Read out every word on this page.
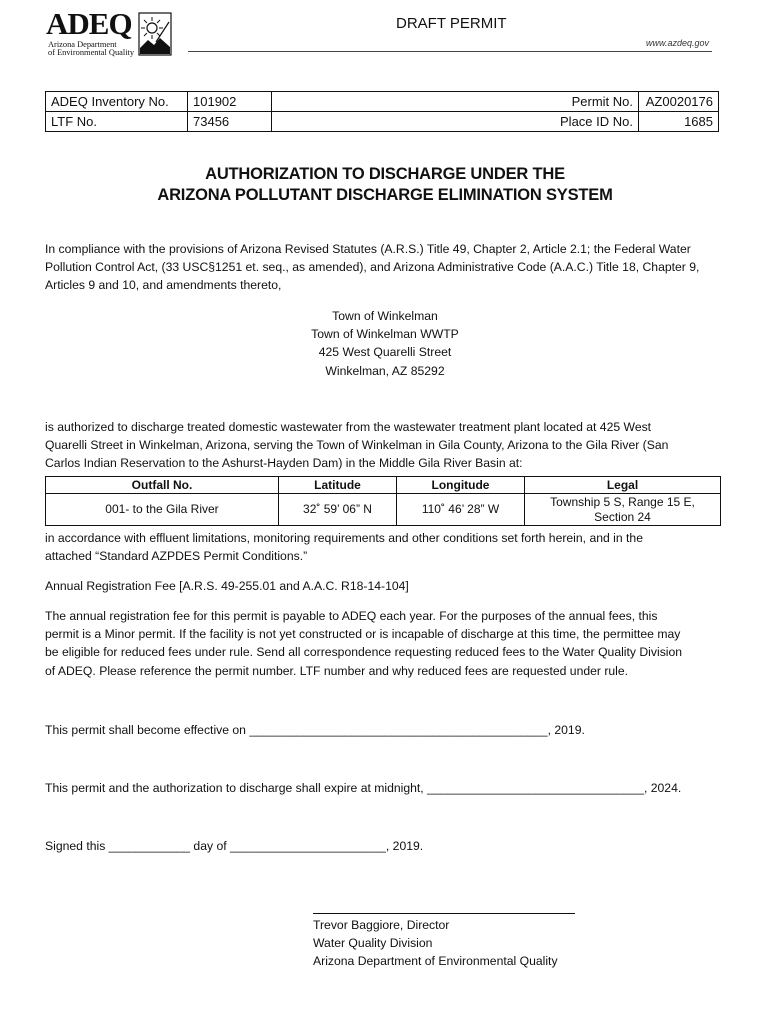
ADEQ
Arizona Department
of Environmental Quality
DRAFT PERMIT
www.azdeq.gov
ADEQ Inventory No.	101902	Permit No.	AZ0020176
LTF No.	73456	Place ID No.	1685
AUTHORIZATION TO DISCHARGE UNDER THE
ARIZONA POLLUTANT DISCHARGE ELIMINATION SYSTEM
In compliance with the provisions of Arizona Revised Statutes (A.R.S.) Title 49, Chapter 2, Article 2.1; the Federal Water
Pollution Control Act, (33 USC§1251 et. seq., as amended), and Arizona Administrative Code (A.A.C.) Title 18, Chapter 9,
Articles 9 and 10, and amendments thereto,
Town of Winkelman
Town of Winkelman WWTP
425 West Quarelli Street
Winkelman, AZ 85292
is authorized to discharge treated domestic wastewater from the wastewater treatment plant located at 425 West
Quarelli Street in Winkelman, Arizona, serving the Town of Winkelman in Gila County, Arizona to the Gila River (San
Carlos Indian Reservation to the Ashurst-Hayden Dam) in the Middle Gila River Basin at:
Outfall No.	Latitude	Longitude	Legal
001- to the Gila River	32˚ 59’ 06” N	110˚ 46’ 28” W	Township 5 S, Range 15 E,
Section 24
in accordance with effluent limitations, monitoring requirements and other conditions set forth herein, and in the
attached “Standard AZPDES Permit Conditions.”
Annual Registration Fee [A.R.S. 49-255.01 and A.A.C. R18-14-104]
The annual registration fee for this permit is payable to ADEQ each year. For the purposes of the annual fees, this
permit is a Minor permit. If the facility is not yet constructed or is incapable of discharge at this time, the permittee may
be eligible for reduced fees under rule. Send all correspondence requesting reduced fees to the Water Quality Division
of ADEQ. Please reference the permit number. LTF number and why reduced fees are requested under rule.
This permit shall become effective on ____________________________________________, 2019.
This permit and the authorization to discharge shall expire at midnight, ________________________________, 2024.
Signed this ____________ day of _______________________, 2019.
Trevor Baggiore, Director
Water Quality Division
Arizona Department of Environmental Quality
